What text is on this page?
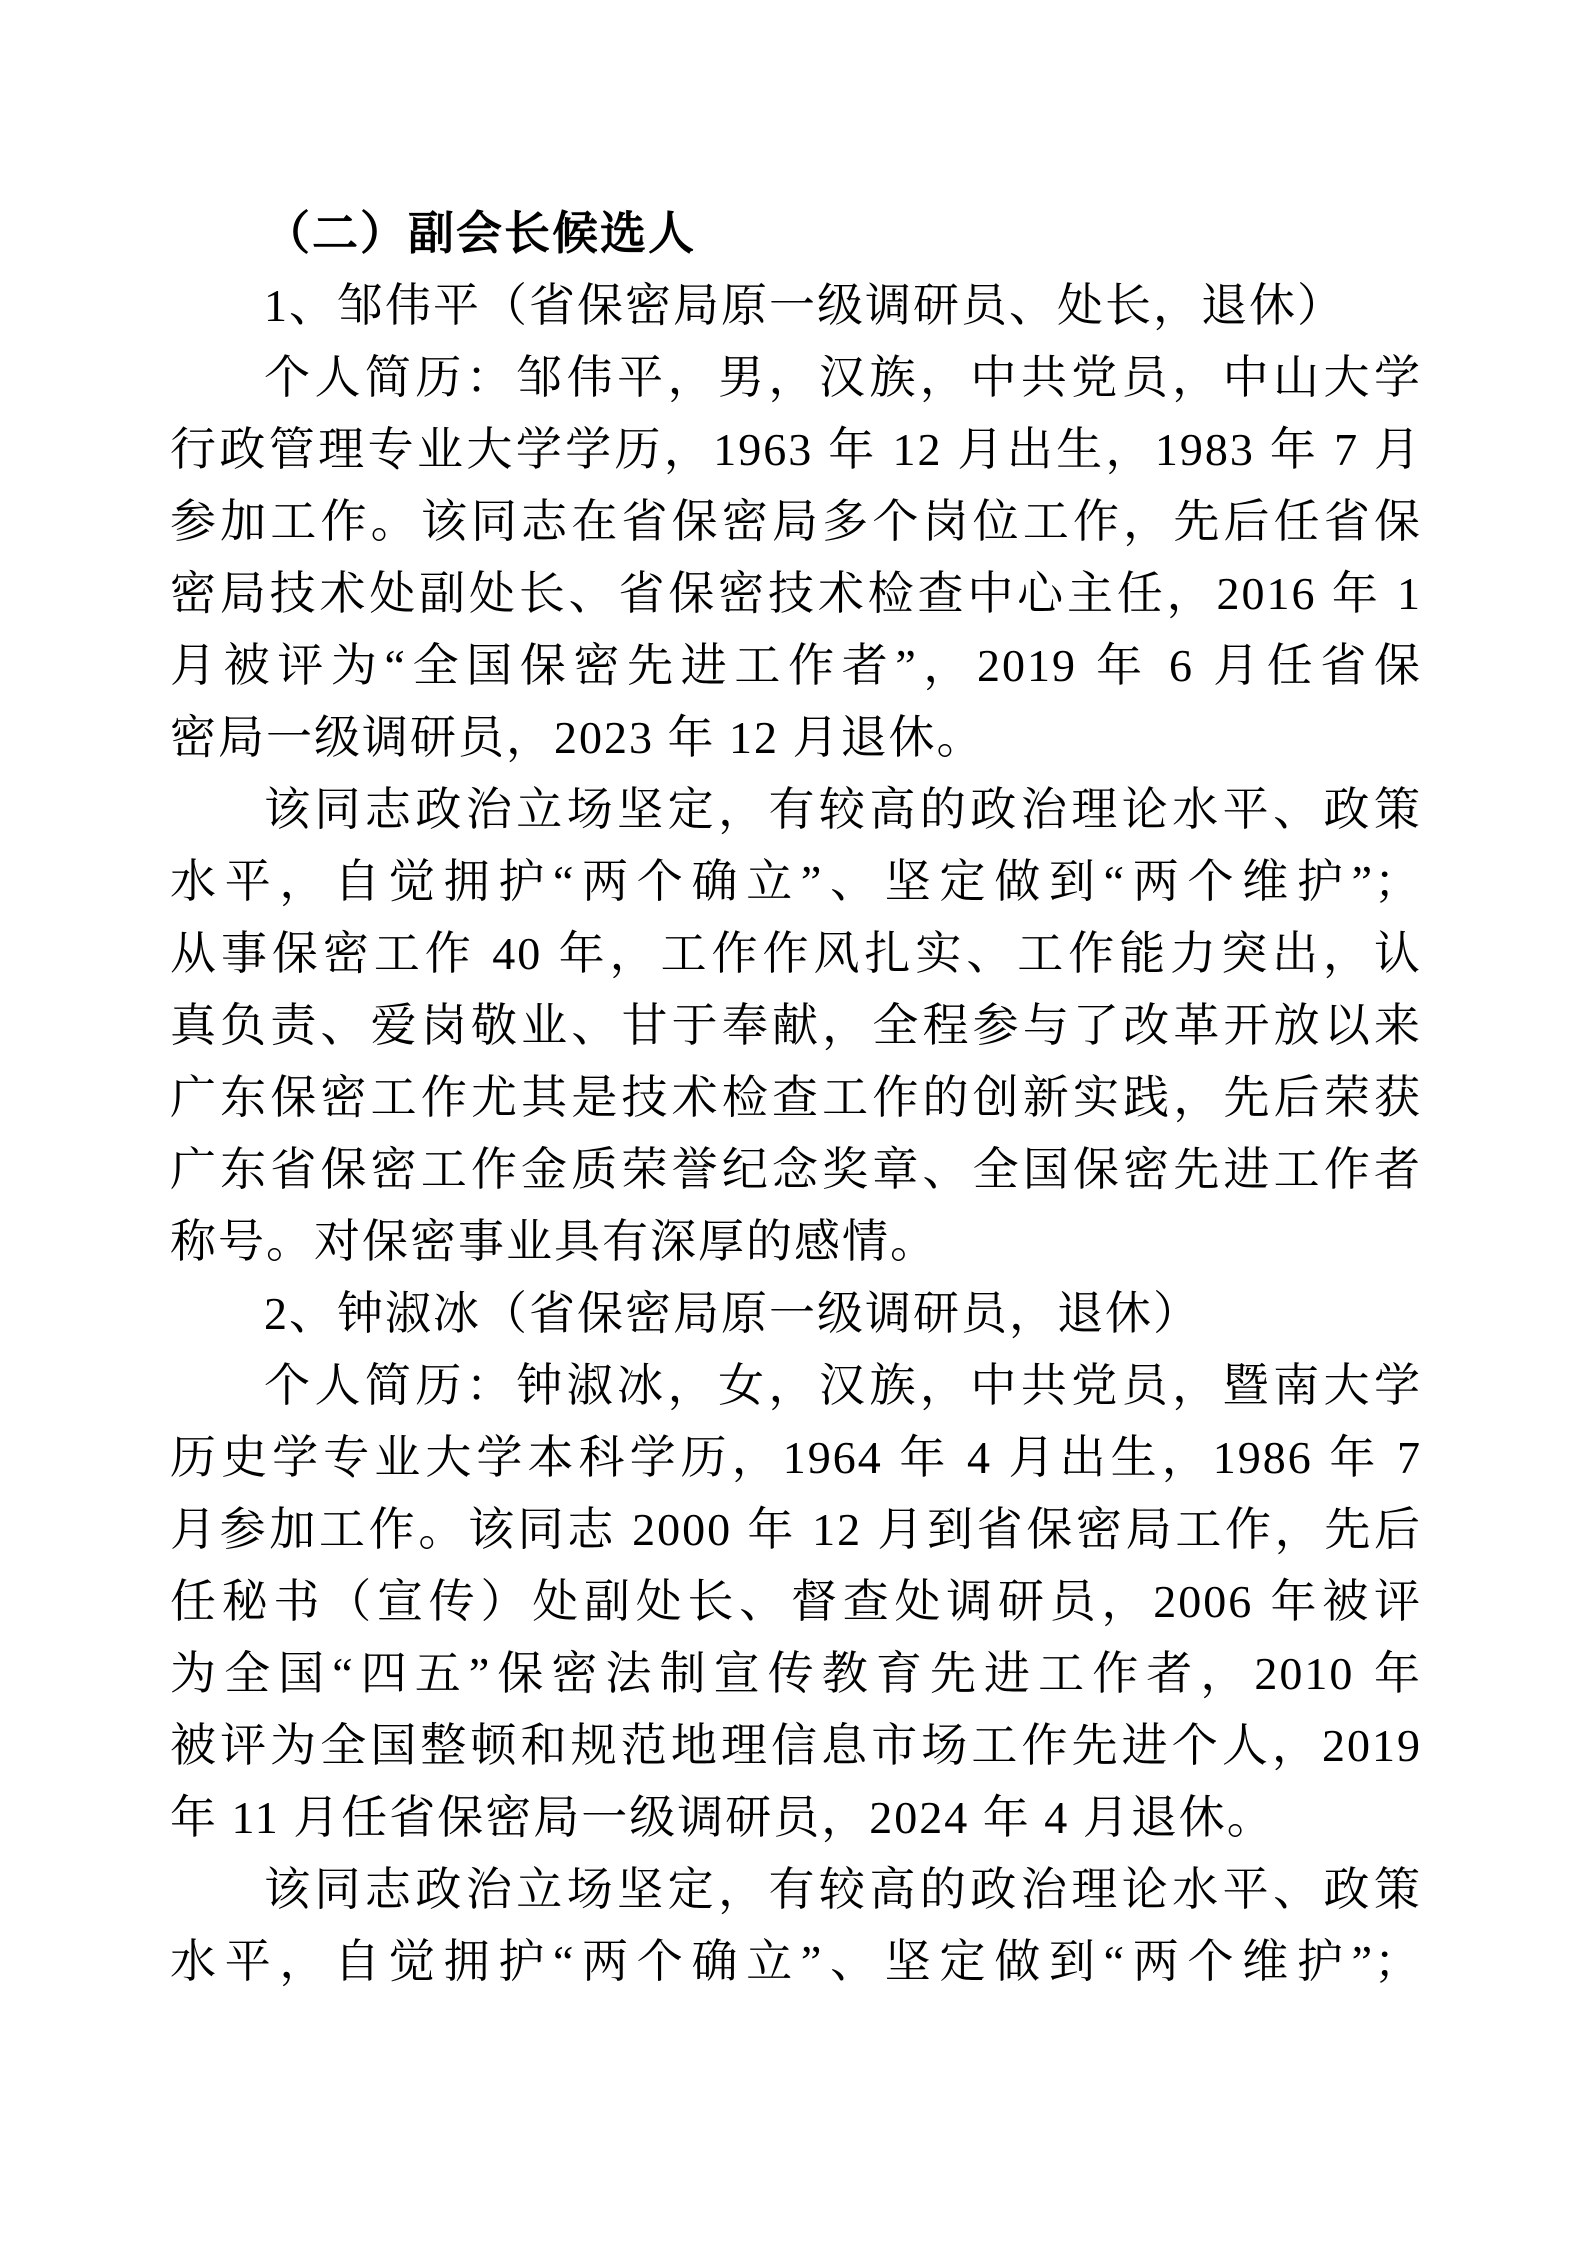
（二）副会长候选人
1、邹伟平（省保密局原一级调研员、处长，退休）
个人简历：邹伟平，男，汉族，中共党员，中山大学
行政管理专业大学学历，1963 年 12 月出生，1983 年 7 月
参加工作。该同志在省保密局多个岗位工作，先后任省保
密局技术处副处长、省保密技术检查中心主任，2016 年 1
月被评为“全国保密先进工作者”，2019 年 6 月任省保
密局一级调研员，2023 年 12 月退休。
该同志政治立场坚定，有较高的政治理论水平、政策
水平，自觉拥护“两个确立”、坚定做到“两个维护”；
从事保密工作 40 年，工作作风扎实、工作能力突出，认
真负责、爱岗敬业、甘于奉献，全程参与了改革开放以来
广东保密工作尤其是技术检查工作的创新实践，先后荣获
广东省保密工作金质荣誉纪念奖章、全国保密先进工作者
称号。对保密事业具有深厚的感情。
2、钟淑冰（省保密局原一级调研员，退休）
个人简历：钟淑冰，女，汉族，中共党员，暨南大学
历史学专业大学本科学历，1964 年 4 月出生，1986 年 7
月参加工作。该同志 2000 年 12 月到省保密局工作，先后
任秘书（宣传）处副处长、督查处调研员，2006 年被评
为全国“四五”保密法制宣传教育先进工作者，2010 年
被评为全国整顿和规范地理信息市场工作先进个人，2019
年 11 月任省保密局一级调研员，2024 年 4 月退休。
该同志政治立场坚定，有较高的政治理论水平、政策
水平，自觉拥护“两个确立”、坚定做到“两个维护”；
